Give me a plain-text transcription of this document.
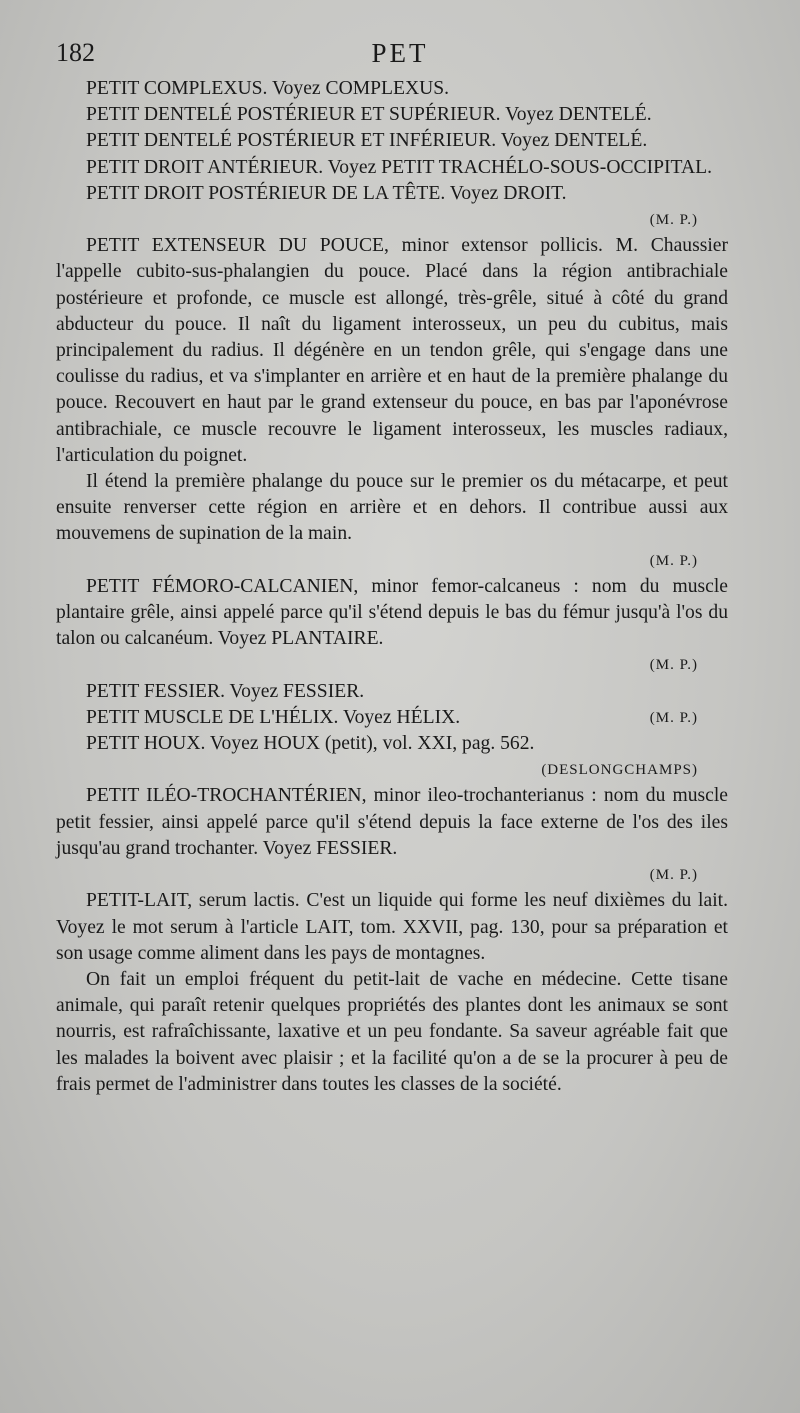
182	PET

PETIT COMPLEXUS. Voyez COMPLEXUS.

PETIT DENTELÉ POSTÉRIEUR ET SUPÉRIEUR. Voyez DENTELÉ.

PETIT DENTELÉ POSTÉRIEUR ET INFÉRIEUR. Voyez DENTELÉ.

PETIT DROIT ANTÉRIEUR. Voyez PETIT TRACHÉLO-SOUS-OCCIPITAL.

PETIT DROIT POSTÉRIEUR DE LA TÊTE. Voyez DROIT.

(M. P.)

PETIT EXTENSEUR DU POUCE, minor extensor pollicis. M. Chaussier l'appelle cubito-sus-phalangien du pouce. Placé dans la région antibrachiale postérieure et profonde, ce muscle est allongé, très-grêle, situé à côté du grand abducteur du pouce. Il naît du ligament interosseux, un peu du cubitus, mais principalement du radius. Il dégénère en un tendon grêle, qui s'engage dans une coulisse du radius, et va s'implanter en arrière et en haut de la première phalange du pouce. Recouvert en haut par le grand extenseur du pouce, en bas par l'aponévrose antibrachiale, ce muscle recouvre le ligament interosseux, les muscles radiaux, l'articulation du poignet.

Il étend la première phalange du pouce sur le premier os du métacarpe, et peut ensuite renverser cette région en arrière et en dehors. Il contribue aussi aux mouvemens de supination de la main.

(M. P.)

PETIT FÉMORO-CALCANIEN, minor femor-calcaneus : nom du muscle plantaire grêle, ainsi appelé parce qu'il s'étend depuis le bas du fémur jusqu'à l'os du talon ou calcanéum. Voyez PLANTAIRE.

(M. P.)

PETIT FESSIER. Voyez FESSIER.

PETIT MUSCLE DE L'HÉLIX. Voyez HÉLIX.	(M. P.)

PETIT HOUX. Voyez HOUX (petit), vol. XXI, pag. 562.

(DESLONGCHAMPS)

PETIT ILÉO-TROCHANTÉRIEN, minor ileo-trochanterianus : nom du muscle petit fessier, ainsi appelé parce qu'il s'étend depuis la face externe de l'os des iles jusqu'au grand trochanter. Voyez FESSIER.

(M. P.)

PETIT-LAIT, serum lactis. C'est un liquide qui forme les neuf dixièmes du lait. Voyez le mot serum à l'article LAIT, tom. XXVII, pag. 130, pour sa préparation et son usage comme aliment dans les pays de montagnes.

On fait un emploi fréquent du petit-lait de vache en médecine. Cette tisane animale, qui paraît retenir quelques propriétés des plantes dont les animaux se sont nourris, est rafraîchissante, laxative et un peu fondante. Sa saveur agréable fait que les malades la boivent avec plaisir ; et la facilité qu'on a de se la procurer à peu de frais permet de l'administrer dans toutes les classes de la société.
